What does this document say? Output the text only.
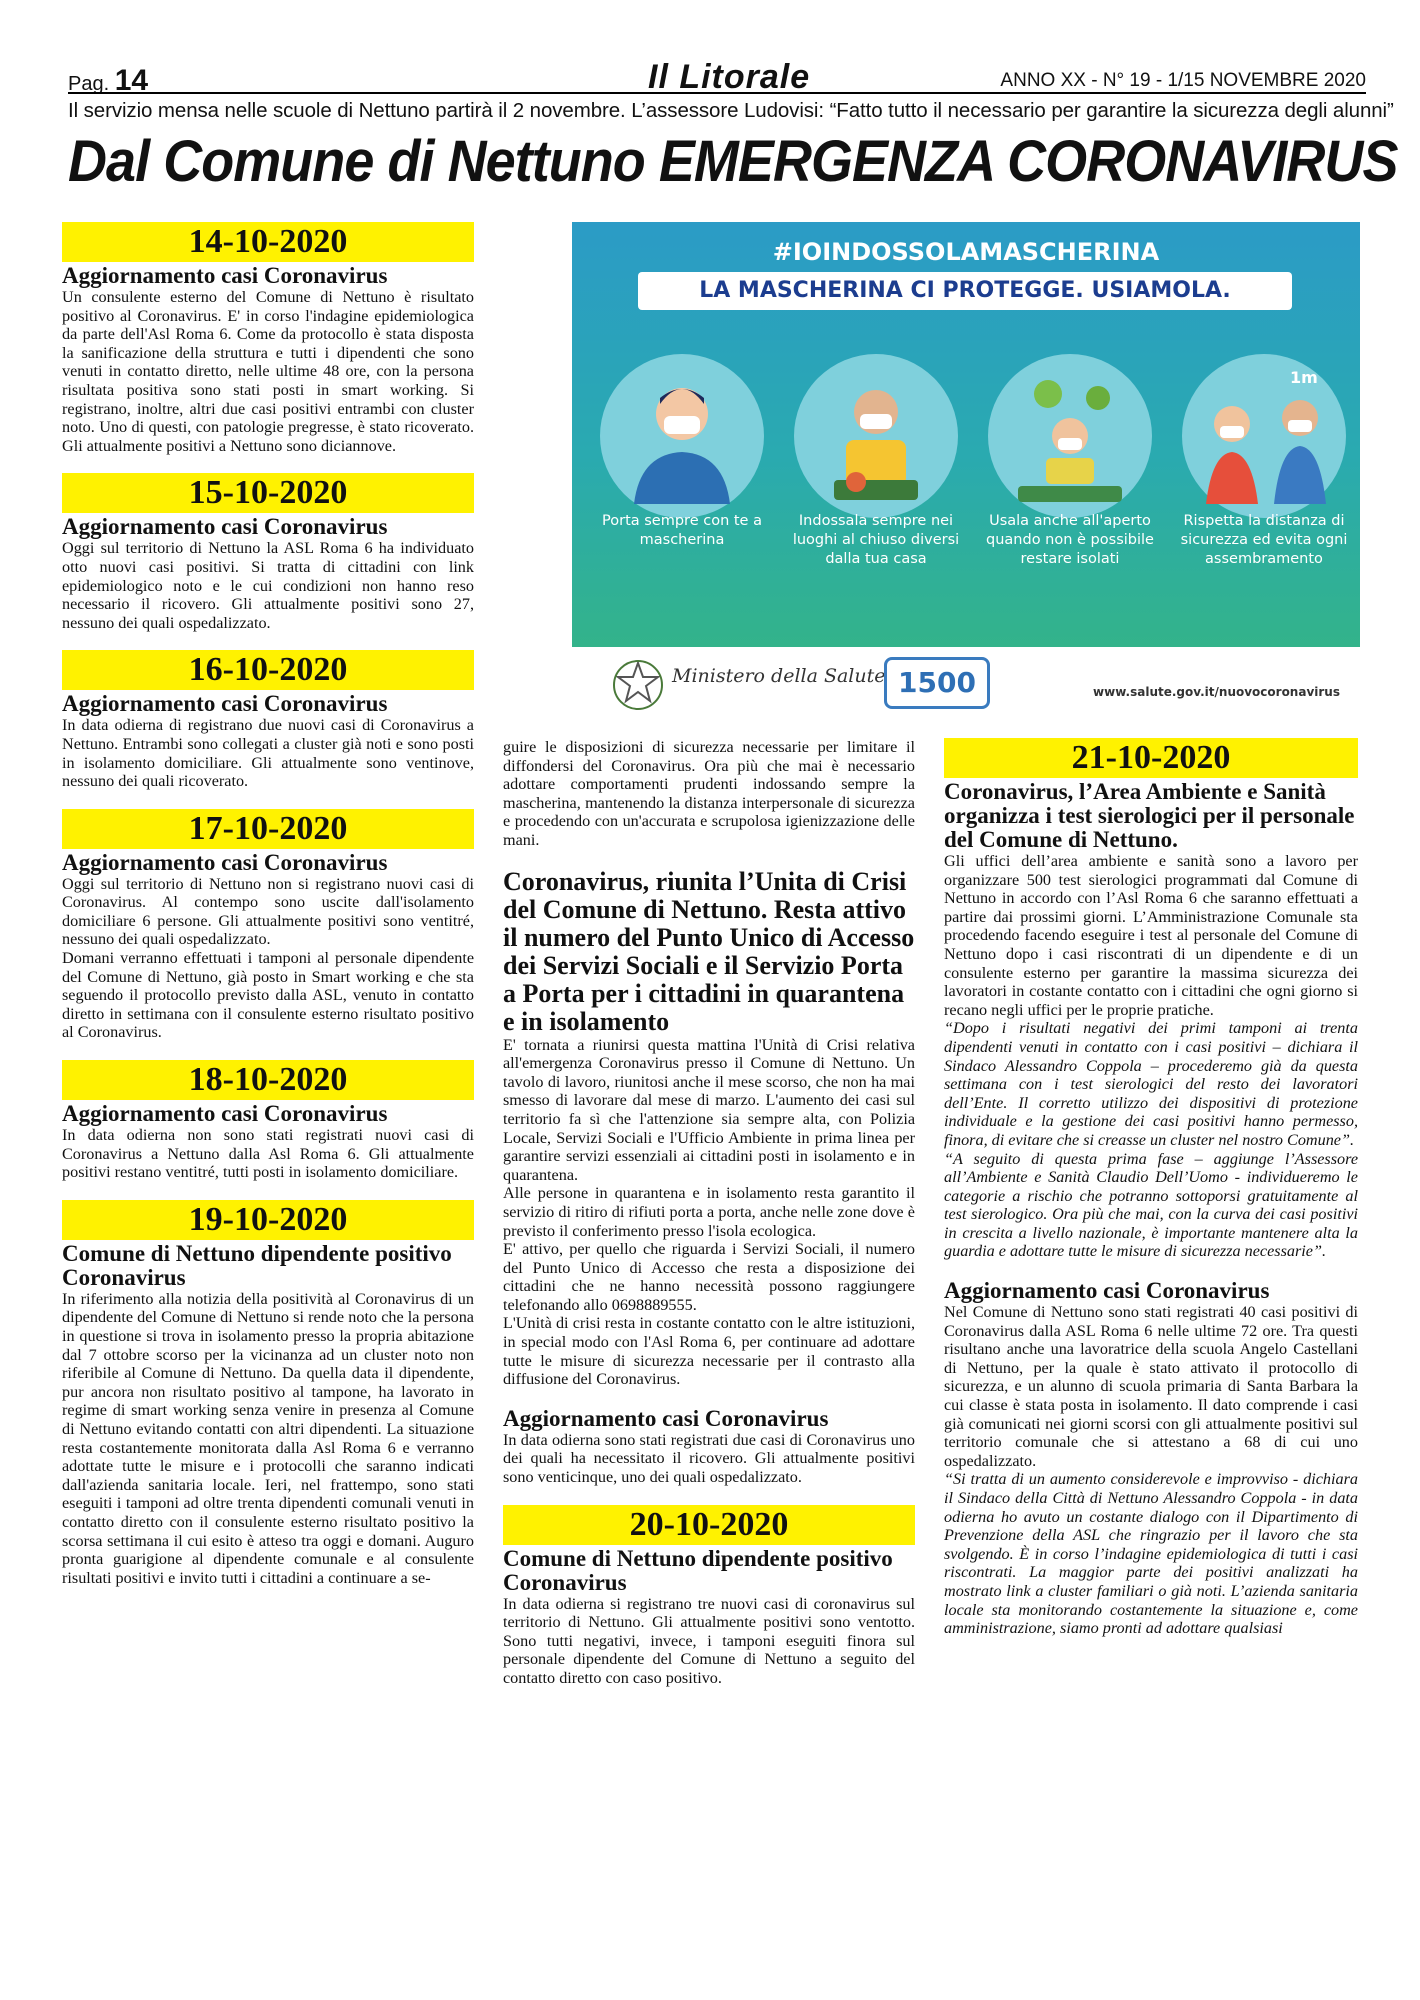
Pag. 14	Il Litorale	ANNO XX - N° 19 - 1/15 NOVEMBRE 2020
Il servizio mensa nelle scuole di Nettuno partirà il 2 novembre. L’assessore Ludovisi: “Fatto tutto il necessario per garantire la sicurezza degli alunni”
Dal Comune di Nettuno EMERGENZA CORONAVIRUS
#IOINDOSSOLAMASCHERINA
LA MASCHERINA CI PROTEGGE. USIAMOLA.
1m
Porta sempre con te a mascherina
Indossala sempre nei luoghi al chiuso diversi dalla tua casa
Usala anche all'aperto quando non è possibile restare isolati
Rispetta la distanza di sicurezza ed evita ogni assembramento
Ministero della Salute 1500	www.salute.gov.it/nuovocoronavirus
14-10-2020
Aggiornamento casi Coronavirus

Un consulente esterno del Comune di Nettuno è risultato positivo al Coronavirus. E' in corso l'indagine epidemiologica da parte dell'Asl Roma 6. Come da protocollo è stata disposta la sanificazione della struttura e tutti i dipendenti che sono venuti in contatto diretto, nelle ultime 48 ore, con la persona risultata positiva sono stati posti in smart working. Si registrano, inoltre, altri due casi positivi entrambi con cluster noto. Uno di questi, con patologie pregresse, è stato ricoverato. Gli attualmente positivi a Nettuno sono diciannove.

15-10-2020
Aggiornamento casi Coronavirus

Oggi sul territorio di Nettuno la ASL Roma 6 ha individuato otto nuovi casi positivi. Si tratta di cittadini con link epidemiologico noto e le cui condizioni non hanno reso necessario il ricovero. Gli attualmente positivi sono 27, nessuno dei quali ospedalizzato.

16-10-2020
Aggiornamento casi Coronavirus

In data odierna di registrano due nuovi casi di Coronavirus a Nettuno. Entrambi sono collegati a cluster già noti e sono posti in isolamento domiciliare. Gli attualmente sono ventinove, nessuno dei quali ricoverato.

17-10-2020
Aggiornamento casi Coronavirus

Oggi sul territorio di Nettuno non si registrano nuovi casi di Coronavirus. Al contempo sono uscite dall'isolamento domiciliare 6 persone. Gli attualmente positivi sono ventitré, nessuno dei quali ospedalizzato.

Domani verranno effettuati i tamponi al personale dipendente del Comune di Nettuno, già posto in Smart working e che sta seguendo il protocollo previsto dalla ASL, venuto in contatto diretto in settimana con il consulente esterno risultato positivo al Coronavirus.

18-10-2020
Aggiornamento casi Coronavirus

In data odierna non sono stati registrati nuovi casi di Coronavirus a Nettuno dalla Asl Roma 6. Gli attualmente positivi restano ventitré, tutti posti in isolamento domiciliare.

19-10-2020
Comune di Nettuno dipendente positivo Coronavirus

In riferimento alla notizia della positività al Coronavirus di un dipendente del Comune di Nettuno si rende noto che la persona in questione si trova in isolamento presso la propria abitazione dal 7 ottobre scorso per la vicinanza ad un cluster noto non riferibile al Comune di Nettuno. Da quella data il dipendente, pur ancora non risultato positivo al tampone, ha lavorato in regime di smart working senza venire in presenza al Comune di Nettuno evitando contatti con altri dipendenti. La situazione resta costantemente monitorata dalla Asl Roma 6 e verranno adottate tutte le misure e i protocolli che saranno indicati dall'azienda sanitaria locale. Ieri, nel frattempo, sono stati eseguiti i tamponi ad oltre trenta dipendenti comunali venuti in contatto diretto con il consulente esterno risultato positivo la scorsa settimana il cui esito è atteso tra oggi e domani. Auguro pronta guarigione al dipendente comunale e al consulente risultati positivi e invito tutti i cittadini a continuare a se-

guire le disposizioni di sicurezza necessarie per limitare il diffondersi del Coronavirus. Ora più che mai è necessario adottare comportamenti prudenti indossando sempre la mascherina, mantenendo la distanza interpersonale di sicurezza e procedendo con un'accurata e scrupolosa igienizzazione delle mani.

Coronavirus, riunita l’Unita di Crisi del Comune di Nettuno. Resta attivo il numero del Punto Unico di Accesso dei Servizi Sociali e il Servizio Porta a Porta per i cittadini in quarantena e in isolamento

E' tornata a riunirsi questa mattina l'Unità di Crisi relativa all'emergenza Coronavirus presso il Comune di Nettuno. Un tavolo di lavoro, riunitosi anche il mese scorso, che non ha mai smesso di lavorare dal mese di marzo. L'aumento dei casi sul territorio fa sì che l'attenzione sia sempre alta, con Polizia Locale, Servizi Sociali e l'Ufficio Ambiente in prima linea per garantire servizi essenziali ai cittadini posti in isolamento e in quarantena.

Alle persone in quarantena e in isolamento resta garantito il servizio di ritiro di rifiuti porta a porta, anche nelle zone dove è previsto il conferimento presso l'isola ecologica.

E' attivo, per quello che riguarda i Servizi Sociali, il numero del Punto Unico di Accesso che resta a disposizione dei cittadini che ne hanno necessità possono raggiungere telefonando allo 0698889555.

L'Unità di crisi resta in costante contatto con le altre istituzioni, in special modo con l'Asl Roma 6, per continuare ad adottare tutte le misure di sicurezza necessarie per il contrasto alla diffusione del Coronavirus.

Aggiornamento casi Coronavirus

In data odierna sono stati registrati due casi di Coronavirus uno dei quali ha necessitato il ricovero. Gli attualmente positivi sono venticinque, uno dei quali ospedalizzato.

20-10-2020
Comune di Nettuno dipendente positivo Coronavirus

In data odierna si registrano tre nuovi casi di coronavirus sul territorio di Nettuno. Gli attualmente positivi sono ventotto. Sono tutti negativi, invece, i tamponi eseguiti finora sul personale dipendente del Comune di Nettuno a seguito del contatto diretto con caso positivo.

21-10-2020
Coronavirus, l’Area Ambiente e Sanità organizza i test sierologici per il personale del Comune di Nettuno.

Gli uffici dell’area ambiente e sanità sono a lavoro per organizzare 500 test sierologici programmati dal Comune di Nettuno in accordo con l’Asl Roma 6 che saranno effettuati a partire dai prossimi giorni. L’Amministrazione Comunale sta procedendo facendo eseguire i test al personale del Comune di Nettuno dopo i casi riscontrati di un dipendente e di un consulente esterno per garantire la massima sicurezza dei lavoratori in costante contatto con i cittadini che ogni giorno si recano negli uffici per le proprie pratiche.

“Dopo i risultati negativi dei primi tamponi ai trenta dipendenti venuti in contatto con i casi positivi – dichiara il Sindaco Alessandro Coppola – procederemo già da questa settimana con i test sierologici del resto dei lavoratori dell’Ente. Il corretto utilizzo dei dispositivi di protezione individuale e la gestione dei casi positivi hanno permesso, finora, di evitare che si creasse un cluster nel nostro Comune”.

“A seguito di questa prima fase – aggiunge l’Assessore all’Ambiente e Sanità Claudio Dell’Uomo - individueremo le categorie a rischio che potranno sottoporsi gratuitamente al test sierologico. Ora più che mai, con la curva dei casi positivi in crescita a livello nazionale, è importante mantenere alta la guardia e adottare tutte le misure di sicurezza necessarie”.

Aggiornamento casi Coronavirus

Nel Comune di Nettuno sono stati registrati 40 casi positivi di Coronavirus dalla ASL Roma 6 nelle ultime 72 ore. Tra questi risultano anche una lavoratrice della scuola Angelo Castellani di Nettuno, per la quale è stato attivato il protocollo di sicurezza, e un alunno di scuola primaria di Santa Barbara la cui classe è stata posta in isolamento. Il dato comprende i casi già comunicati nei giorni scorsi con gli attualmente positivi sul territorio comunale che si attestano a 68 di cui uno ospedalizzato.

“Si tratta di un aumento considerevole e improvviso - dichiara il Sindaco della Città di Nettuno Alessandro Coppola - in data odierna ho avuto un costante dialogo con il Dipartimento di Prevenzione della ASL che ringrazio per il lavoro che sta svolgendo. È in corso l’indagine epidemiologica di tutti i casi riscontrati. La maggior parte dei positivi analizzati ha mostrato link a cluster familiari o già noti. L’azienda sanitaria locale sta monitorando costantemente la situazione e, come amministrazione, siamo pronti ad adottare qualsiasi
